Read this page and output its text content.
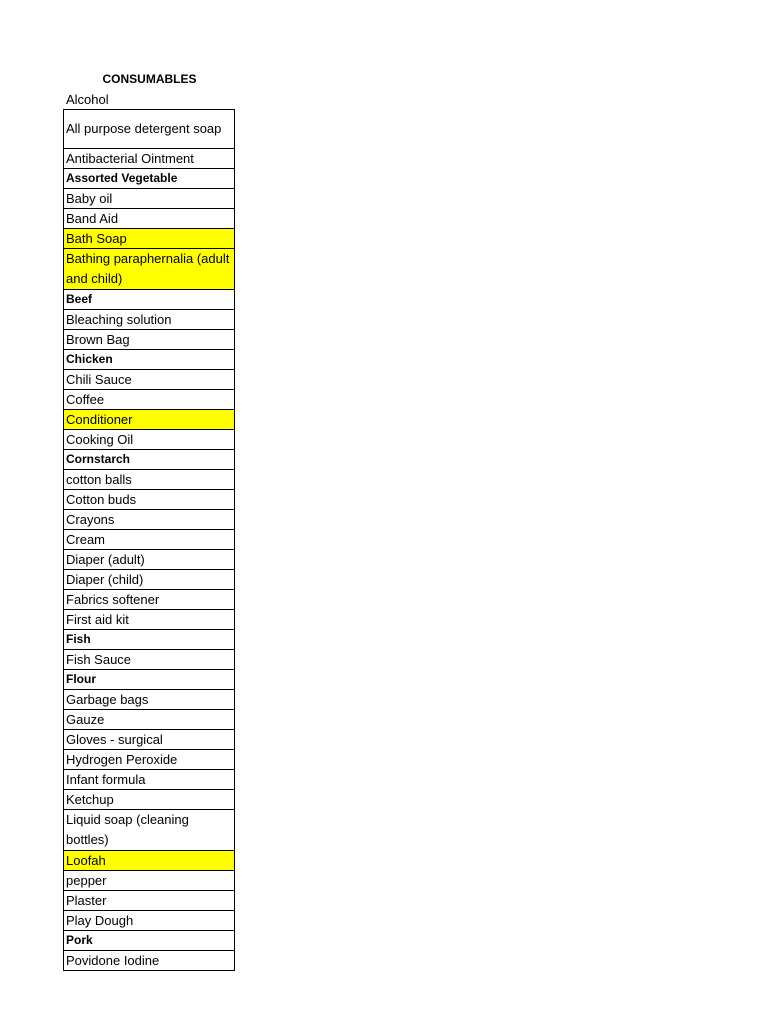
CONSUMABLES
Alcohol
All purpose detergent soap
Antibacterial Ointment
Assorted Vegetable
Baby oil
Band Aid
Bath Soap
Bathing paraphernalia (adult and child)
Beef
Bleaching solution
Brown Bag
Chicken
Chili Sauce
Coffee
Conditioner
Cooking Oil
Cornstarch
cotton balls
Cotton buds
Crayons
Cream
Diaper (adult)
Diaper (child)
Fabrics softener
First aid kit
Fish
Fish Sauce
Flour
Garbage bags
Gauze
Gloves - surgical
Hydrogen Peroxide
Infant formula
Ketchup
Liquid soap (cleaning bottles)
Loofah
pepper
Plaster
Play Dough
Pork
Povidone Iodine
